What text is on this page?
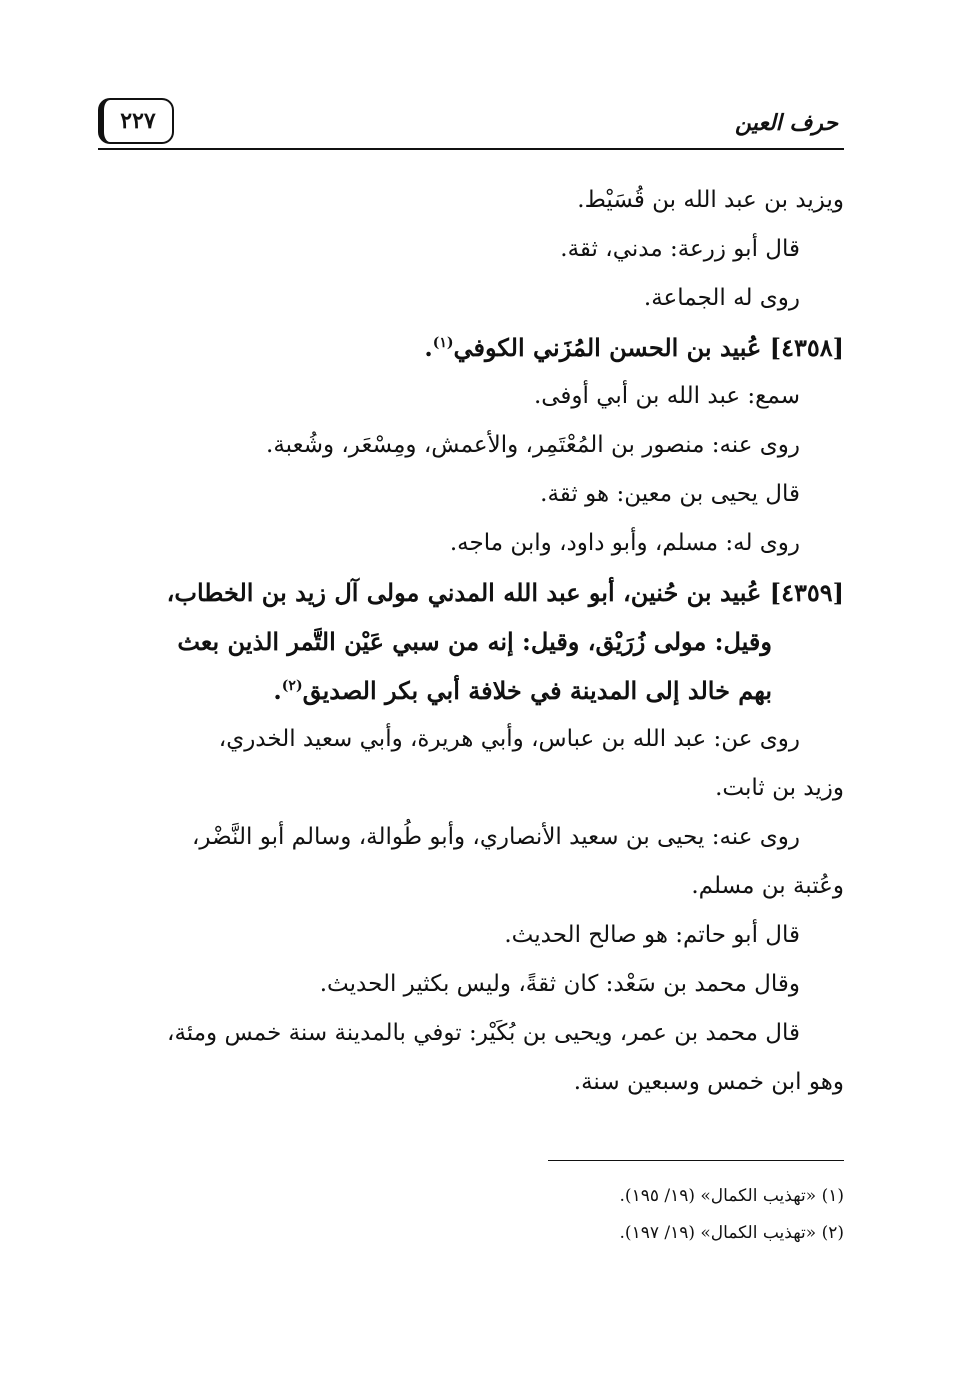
٢٢٧	حرف العين

ويزيد بن عبد الله بن قُسَيْط.

قال أبو زرعة: مدني، ثقة.

روى له الجماعة.

[٤٣٥٨] عُبيد بن الحسن المُزَني الكوفي$^{(١)}$.

سمع: عبد الله بن أبي أوفى.

روى عنه: منصور بن المُعْتَمِر، والأعمش، ومِسْعَر، وشُعبة.

قال يحيى بن معين: هو ثقة.

روى له: مسلم، وأبو داود، وابن ماجه.

[٤٣٥٩] عُبيد بن حُنين، أبو عبد الله المدني مولى آل زيد بن الخطاب،

وقيل: مولى زُرَيْق، وقيل: إنه من سبي عَيْن التَّمر الذين بعث

بهم خالد إلى المدينة في خلافة أبي بكر الصديق$^{(٢)}$.

روى عن: عبد الله بن عباس، وأبي هريرة، وأبي سعيد الخدري،

وزيد بن ثابت.

روى عنه: يحيى بن سعيد الأنصاري، وأبو طُوالة، وسالم أبو النَّضْر،

وعُتبة بن مسلم.

قال أبو حاتم: هو صالح الحديث.

وقال محمد بن سَعْد: كان ثقةً، وليس بكثير الحديث.

قال محمد بن عمر، ويحيى بن بُكَيْر: توفي بالمدينة سنة خمس ومئة،

وهو ابن خمس وسبعين سنة.

(١) «تهذيب الكمال» (١٩/ ١٩٥).
(٢) «تهذيب الكمال» (١٩/ ١٩٧).
